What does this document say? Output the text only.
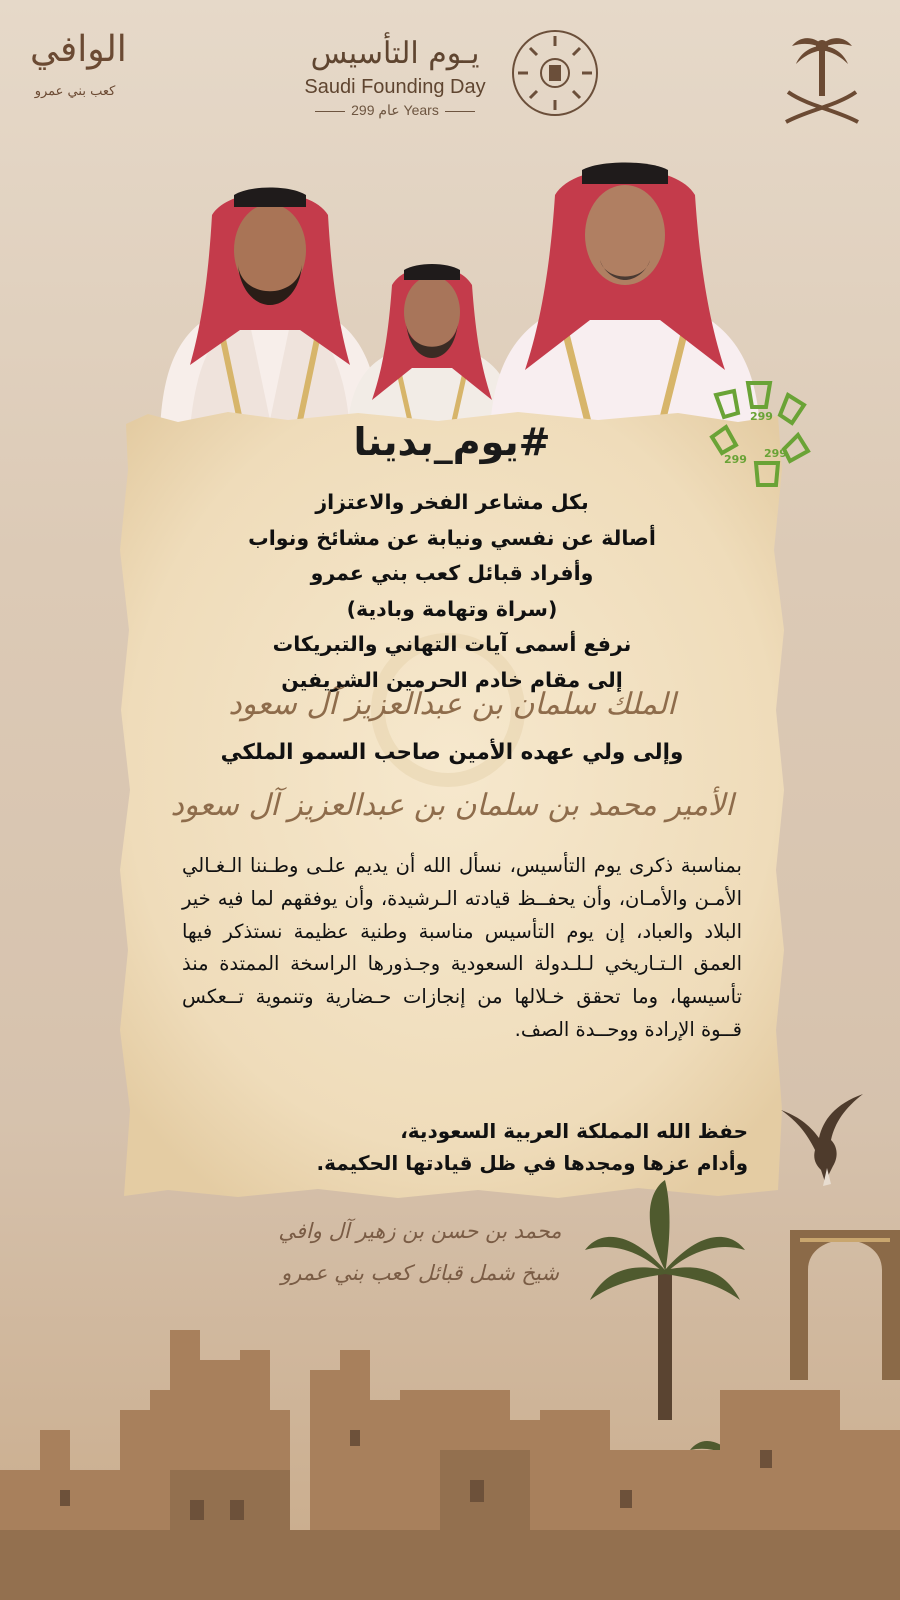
الوافي
كعب بني عمرو
يـوم التأسيس
Saudi Founding Day
299 عام Years
#يوم_بدينا
بكل مشاعر الفخر والاعتزاز
أصالة عن نفسي ونيابة عن مشائخ ونواب
وأفراد قبائل كعب بني عمرو
(سراة وتهامة وبادية)
نرفع أسمى آيات التهاني والتبريكات
إلى مقام خادم الحرمين الشريفين
الملك سلمان بن عبدالعزيز آل سعود
وإلى ولي عهده الأمين صاحب السمو الملكي
الأمير محمد بن سلمان بن عبدالعزيز آل سعود
بمناسبة ذكرى يوم التأسيس، نسأل الله أن يديم علـى وطـننا الـغـالي الأمـن والأمـان، وأن يحفــظ قيادته الـرشيدة، وأن يوفقهم لما فيه خير البلاد والعباد، إن يوم التأسيس مناسبة وطنية عظيمة نستذكر فيها العمق الـتـاريخي لـلـدولة السعودية وجـذورها الراسخة الممتدة منذ تأسيسها، وما تحقق خـلالها من إنجازات حـضارية وتنموية تــعكس قــوة الإرادة ووحــدة الصف.
حفظ الله المملكة العربية السعودية،
وأدام عزها ومجدها في ظل قيادتها الحكيمة.
299
299
299
محمد بن حسن بن زهير آل وافي
شيخ شمل قبائل كعب بني عمرو
